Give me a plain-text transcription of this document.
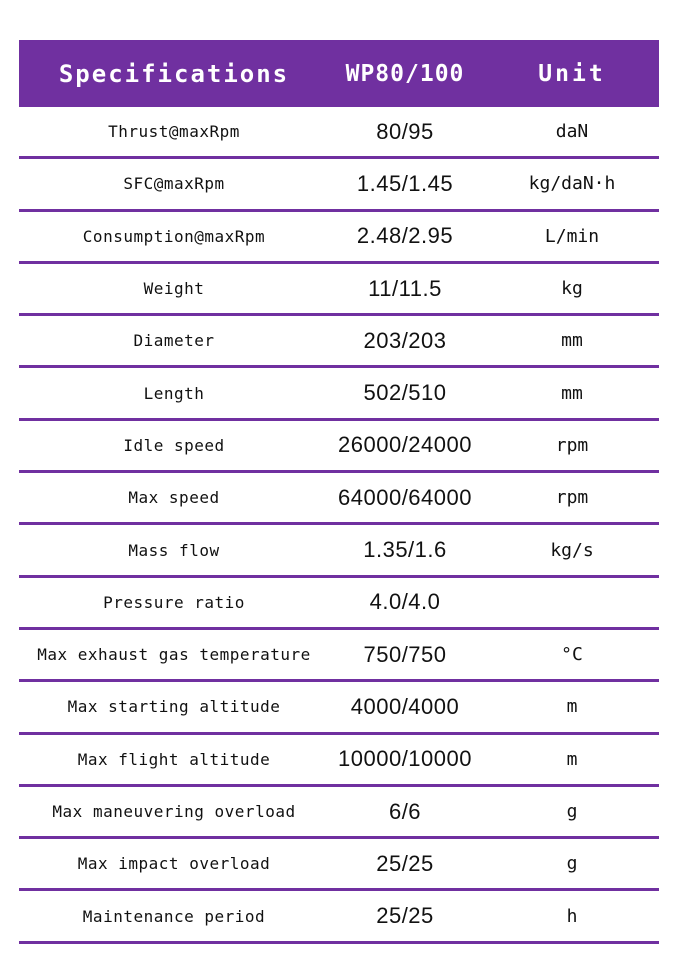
Specifications	WP80/100	Unit
Thrust@maxRpm	80/95	daN
SFC@maxRpm	1.45/1.45	kg/daN·h
Consumption@maxRpm	2.48/2.95	L/min
Weight	11/11.5	kg
Diameter	203/203	mm
Length	502/510	mm
Idle speed	26000/24000	rpm
Max speed	64000/64000	rpm
Mass flow	1.35/1.6	kg/s
Pressure ratio	4.0/4.0
Max exhaust gas temperature	750/750	°C
Max starting altitude	4000/4000	m
Max flight altitude	10000/10000	m
Max maneuvering overload	6/6	g
Max impact overload	25/25	g
Maintenance period	25/25	h
